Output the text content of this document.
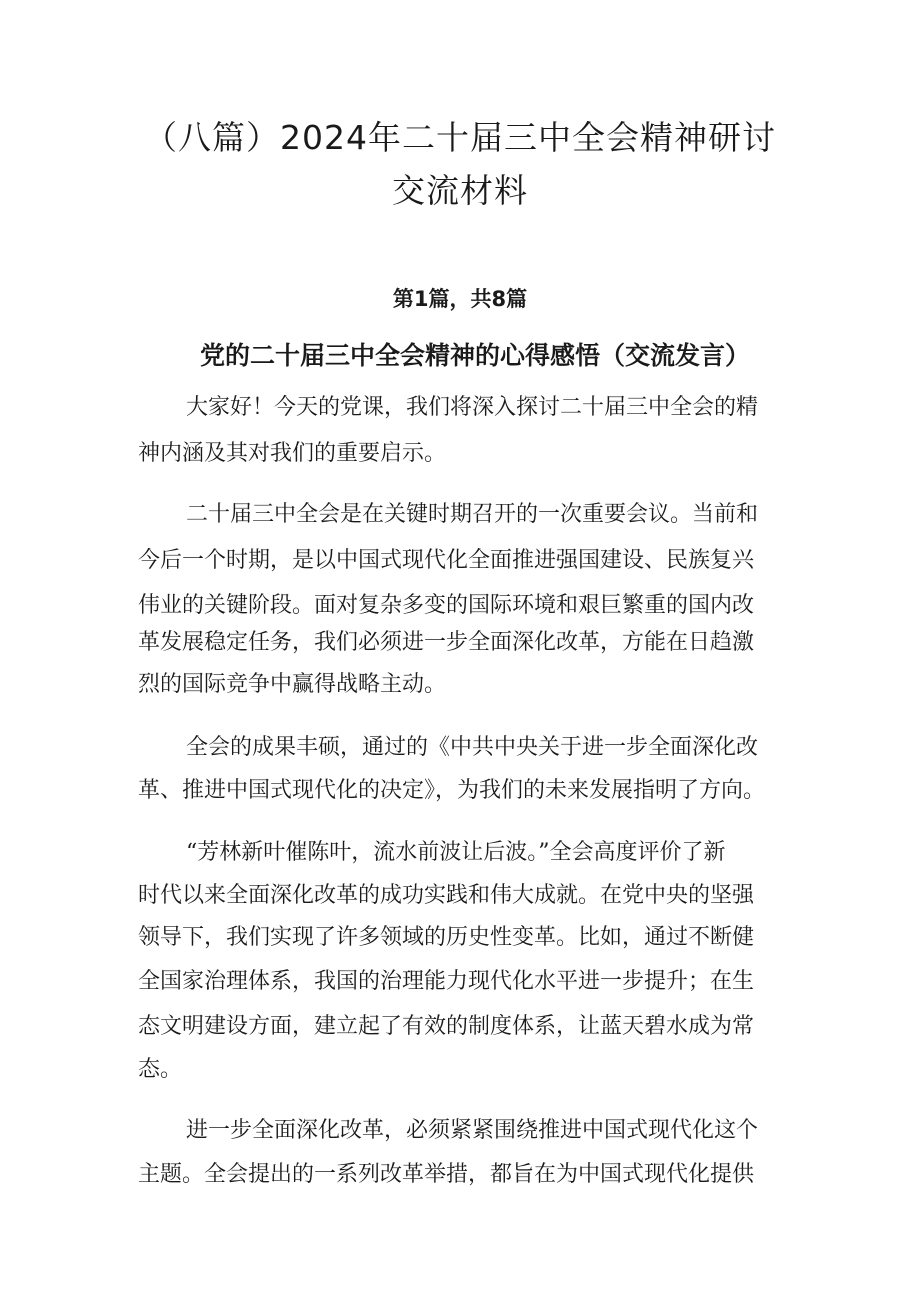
（八篇）2024年二十届三中全会精神研讨
交流材料
第1篇，共8篇
党的二十届三中全会精神的心得感悟（交流发言）
大家好！今天的党课，我们将深入探讨二十届三中全会的精
神内涵及其对我们的重要启示。
二十届三中全会是在关键时期召开的一次重要会议。当前和
今后一个时期，是以中国式现代化全面推进强国建设、民族复兴
伟业的关键阶段。面对复杂多变的国际环境和艰巨繁重的国内改
革发展稳定任务，我们必须进一步全面深化改革，方能在日趋激
烈的国际竞争中赢得战略主动。
全会的成果丰硕，通过的《中共中央关于进一步全面深化改
革、推进中国式现代化的决定》，为我们的未来发展指明了方向。
“芳林新叶催陈叶，流水前波让后波。”全会高度评价了新
时代以来全面深化改革的成功实践和伟大成就。在党中央的坚强
领导下，我们实现了许多领域的历史性变革。比如，通过不断健
全国家治理体系，我国的治理能力现代化水平进一步提升；在生
态文明建设方面，建立起了有效的制度体系，让蓝天碧水成为常
态。
进一步全面深化改革，必须紧紧围绕推进中国式现代化这个
主题。全会提出的一系列改革举措，都旨在为中国式现代化提供
